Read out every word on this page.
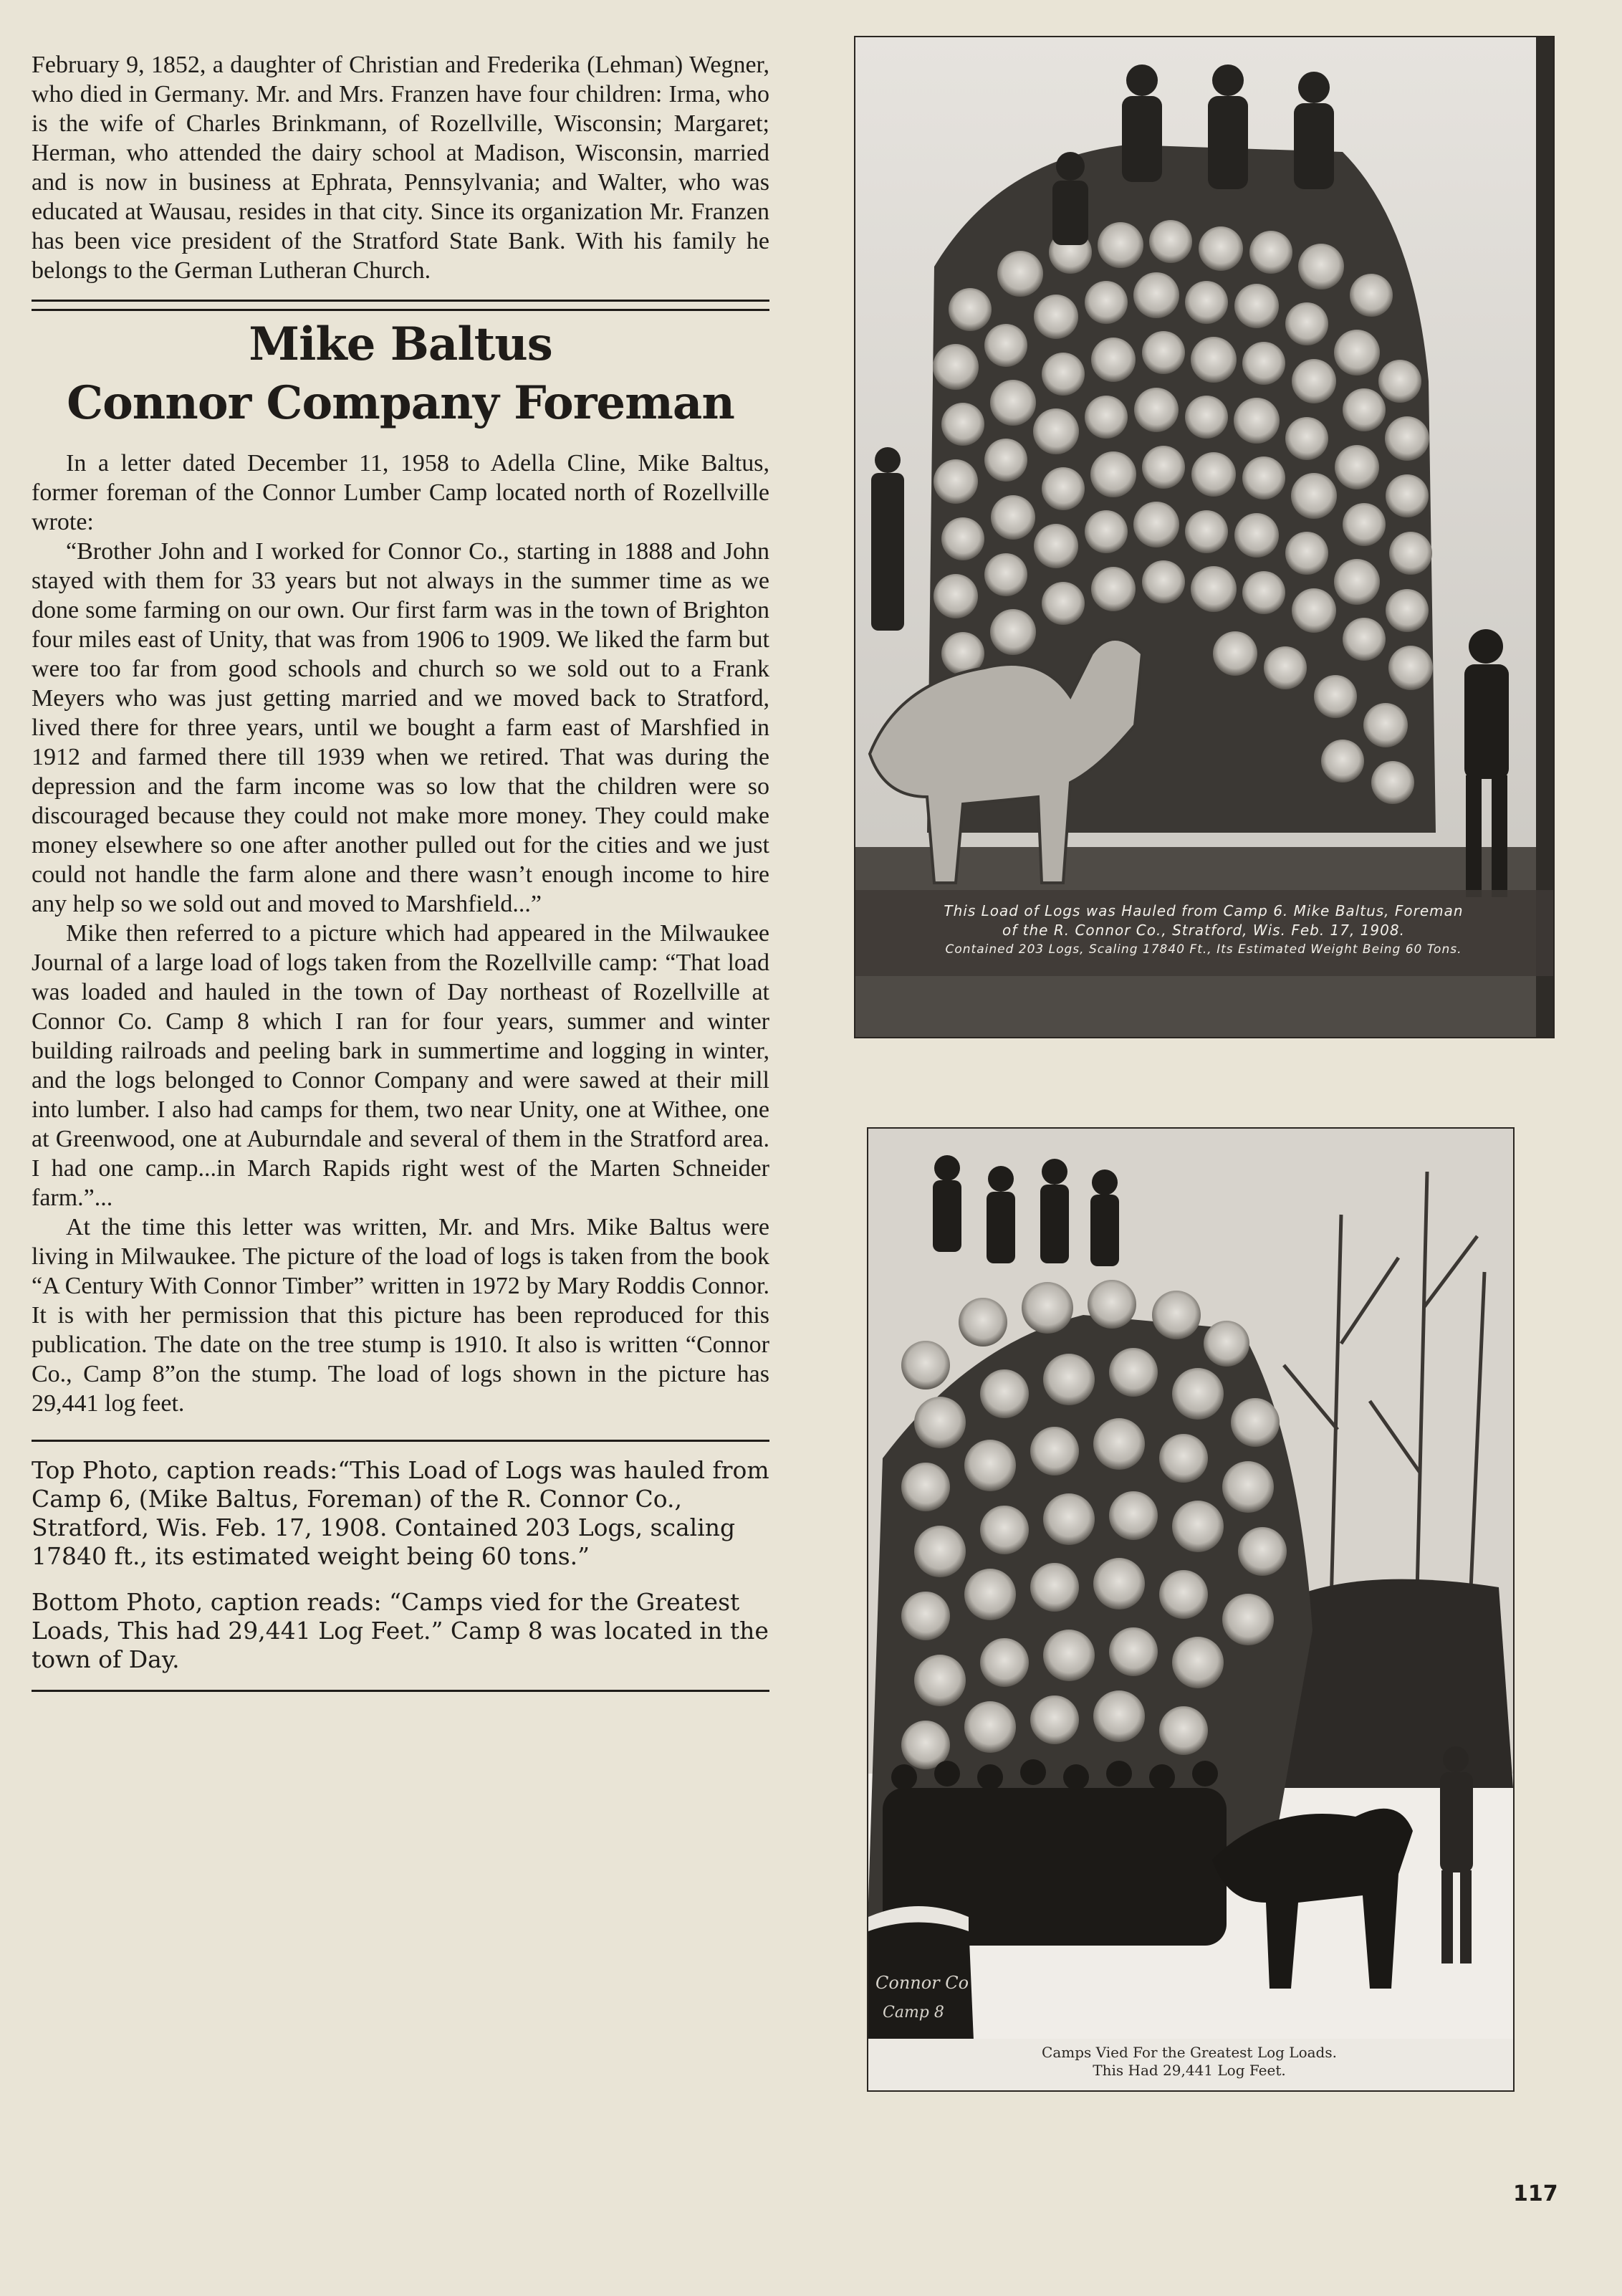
February 9, 1852, a daughter of Christian and Frederika (Lehman) Wegner, who died in Germany. Mr. and Mrs. Franzen have four children: Irma, who is the wife of Charles Brinkmann, of Rozellville, Wisconsin; Margaret; Herman, who attended the dairy school at Madison, Wisconsin, married and is now in business at Ephrata, Pennsylvania; and Walter, who was educated at Wausau, resides in that city. Since its organization Mr. Franzen has been vice president of the Stratford State Bank. With his family he belongs to the German Lutheran Church.

Mike Baltus
Connor Company Foreman

In a letter dated December 11, 1958 to Adella Cline, Mike Baltus, former foreman of the Connor Lumber Camp located north of Rozellville wrote:

“Brother John and I worked for Connor Co., starting in 1888 and John stayed with them for 33 years but not always in the summer time as we done some farming on our own. Our first farm was in the town of Brighton four miles east of Unity, that was from 1906 to 1909. We liked the farm but were too far from good schools and church so we sold out to a Frank Meyers who was just getting married and we moved back to Stratford, lived there for three years, until we bought a farm east of Marshfied in 1912 and farmed there till 1939 when we retired. That was during the depression and the farm income was so low that the children were so discouraged because they could not make more money. They could make money elsewhere so one after another pulled out for the cities and we just could not handle the farm alone and there wasn’t enough income to hire any help so we sold out and moved to Marshfield...”

Mike then referred to a picture which had appeared in the Milwaukee Journal of a large load of logs taken from the Rozellville camp: “That load was loaded and hauled in the town of Day northeast of Rozellville at Connor Co. Camp 8 which I ran for four years, summer and winter building railroads and peeling bark in summertime and logging in winter, and the logs belonged to Connor Company and were sawed at their mill into lumber. I also had camps for them, two near Unity, one at Withee, one at Greenwood, one at Auburndale and several of them in the Stratford area. I had one camp...in March Rapids right west of the Marten Schneider farm.”...

At the time this letter was written, Mr. and Mrs. Mike Baltus were living in Milwaukee. The picture of the load of logs is taken from the book “A Century With Connor Timber” written in 1972 by Mary Roddis Connor. It is with her permission that this picture has been reproduced for this publication. The date on the tree stump is 1910. It also is written “Connor Co., Camp 8”on the stump. The load of logs shown in the picture has 29,441 log feet.

Top Photo, caption reads:“This Load of Logs was hauled from Camp 6, (Mike Baltus, Foreman) of the R. Connor Co., Stratford, Wis. Feb. 17, 1908. Contained 203 Logs, scaling 17840 ft., its estimated weight being 60 tons.”

Bottom Photo, caption reads: “Camps vied for the Greatest Loads, This had 29,441 Log Feet.” Camp 8 was located in the town of Day.

This Load of Logs was Hauled from Camp 6. Mike Baltus, Foreman
of the R. Connor Co., Stratford, Wis. Feb. 17, 1908.
Contained 203 Logs, Scaling 17840 Ft., Its Estimated Weight Being 60 Tons.
Connor Co
Camp 8
Camps Vied For the Greatest Log Loads.
This Had 29,441 Log Feet.
117
